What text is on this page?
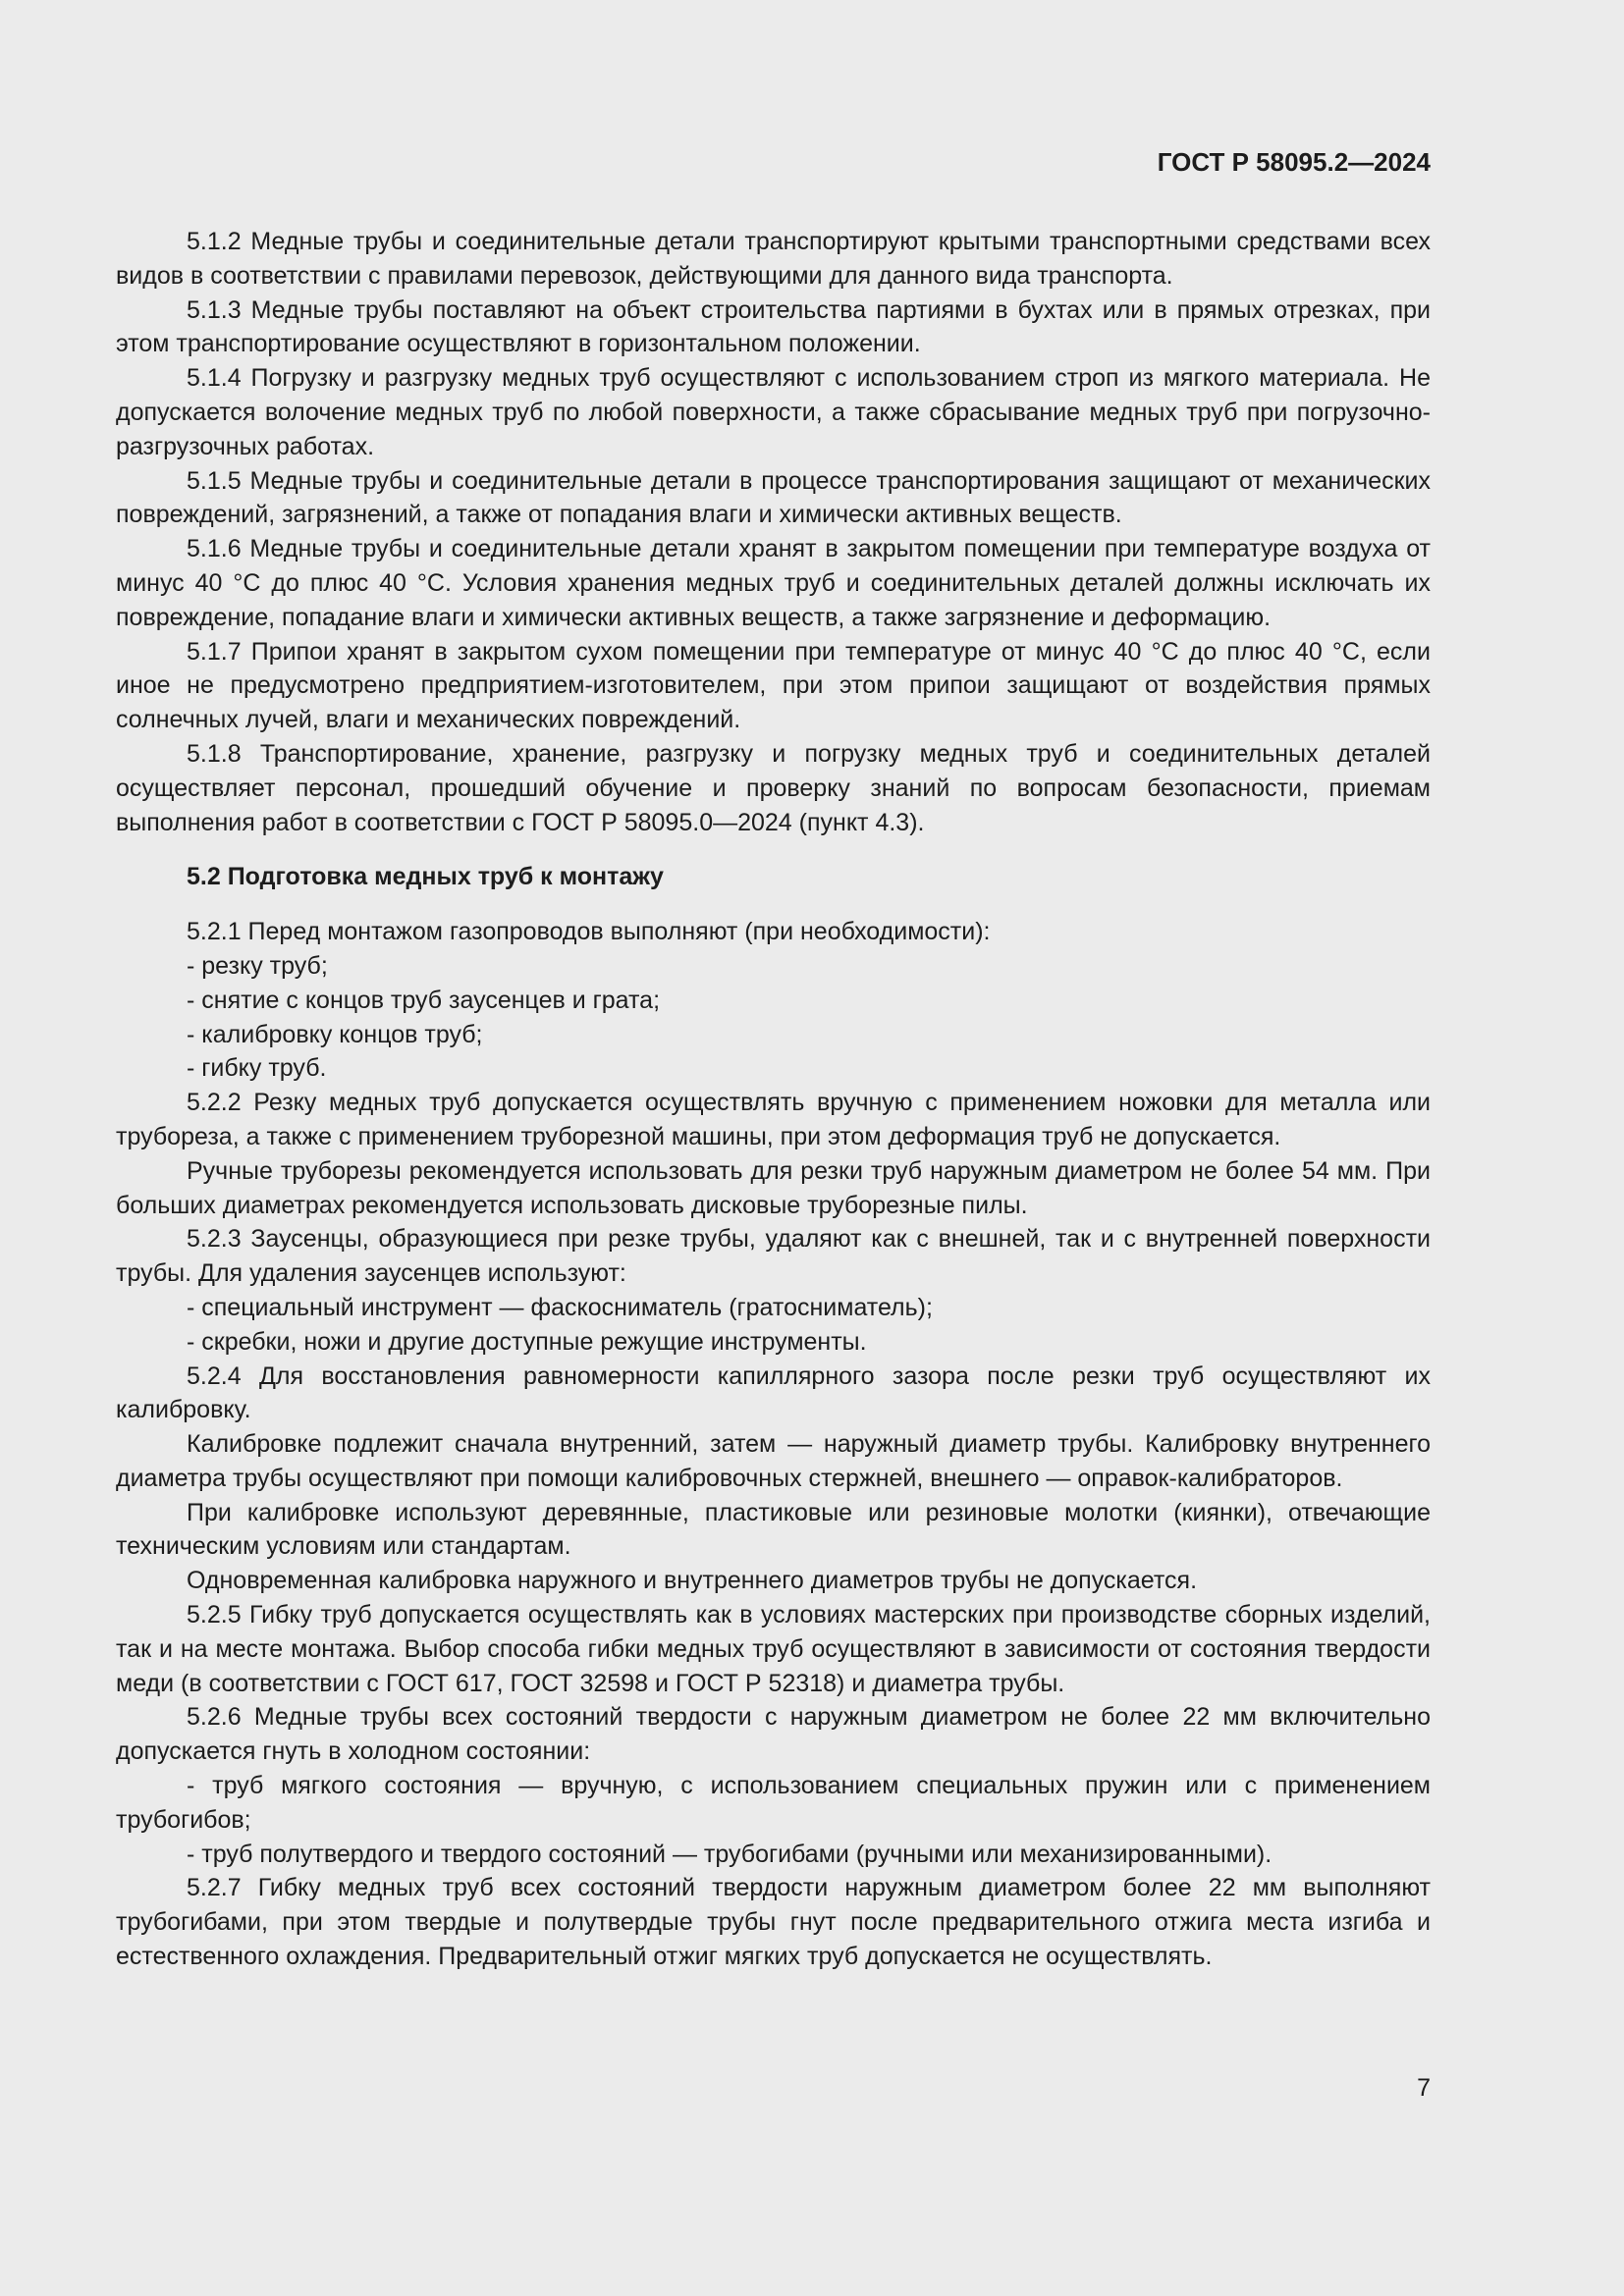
ГОСТ Р 58095.2—2024

5.1.2 Медные трубы и соединительные детали транспортируют крытыми транспортными средствами всех видов в соответствии с правилами перевозок, действующими для данного вида транспорта.

5.1.3 Медные трубы поставляют на объект строительства партиями в бухтах или в прямых отрезках, при этом транспортирование осуществляют в горизонтальном положении.

5.1.4 Погрузку и разгрузку медных труб осуществляют с использованием строп из мягкого материала. Не допускается волочение медных труб по любой поверхности, а также сбрасывание медных труб при погрузочно-разгрузочных работах.

5.1.5 Медные трубы и соединительные детали в процессе транспортирования защищают от механических повреждений, загрязнений, а также от попадания влаги и химически активных веществ.

5.1.6 Медные трубы и соединительные детали хранят в закрытом помещении при температуре воздуха от минус 40 °С до плюс 40 °С. Условия хранения медных труб и соединительных деталей должны исключать их повреждение, попадание влаги и химически активных веществ, а также загрязнение и деформацию.

5.1.7 Припои хранят в закрытом сухом помещении при температуре от минус 40 °С до плюс 40 °С, если иное не предусмотрено предприятием-изготовителем, при этом припои защищают от воздействия прямых солнечных лучей, влаги и механических повреждений.

5.1.8 Транспортирование, хранение, разгрузку и погрузку медных труб и соединительных деталей осуществляет персонал, прошедший обучение и проверку знаний по вопросам безопасности, приемам выполнения работ в соответствии с ГОСТ Р 58095.0—2024 (пункт 4.3).

5.2 Подготовка медных труб к монтажу

5.2.1 Перед монтажом газопроводов выполняют (при необходимости):

- резку труб;

- снятие с концов труб заусенцев и грата;

- калибровку концов труб;

- гибку труб.

5.2.2 Резку медных труб допускается осуществлять вручную с применением ножовки для металла или трубореза, а также с применением труборезной машины, при этом деформация труб не допускается.

Ручные труборезы рекомендуется использовать для резки труб наружным диаметром не более 54 мм. При больших диаметрах рекомендуется использовать дисковые труборезные пилы.

5.2.3 Заусенцы, образующиеся при резке трубы, удаляют как с внешней, так и с внутренней поверхности трубы. Для удаления заусенцев используют:

- специальный инструмент — фаскосниматель (гратосниматель);

- скребки, ножи и другие доступные режущие инструменты.

5.2.4 Для восстановления равномерности капиллярного зазора после резки труб осуществляют их калибровку.

Калибровке подлежит сначала внутренний, затем — наружный диаметр трубы. Калибровку внутреннего диаметра трубы осуществляют при помощи калибровочных стержней, внешнего — оправок-калибраторов.

При калибровке используют деревянные, пластиковые или резиновые молотки (киянки), отвечающие техническим условиям или стандартам.

Одновременная калибровка наружного и внутреннего диаметров трубы не допускается.

5.2.5 Гибку труб допускается осуществлять как в условиях мастерских при производстве сборных изделий, так и на месте монтажа. Выбор способа гибки медных труб осуществляют в зависимости от состояния твердости меди (в соответствии с ГОСТ 617, ГОСТ 32598 и ГОСТ Р 52318) и диаметра трубы.

5.2.6 Медные трубы всех состояний твердости с наружным диаметром не более 22 мм включительно допускается гнуть в холодном состоянии:

- труб мягкого состояния — вручную, с использованием специальных пружин или с применением трубогибов;

- труб полутвердого и твердого состояний — трубогибами (ручными или механизированными).

5.2.7 Гибку медных труб всех состояний твердости наружным диаметром более 22 мм выполняют трубогибами, при этом твердые и полутвердые трубы гнут после предварительного отжига места изгиба и естественного охлаждения. Предварительный отжиг мягких труб допускается не осуществлять.

7
